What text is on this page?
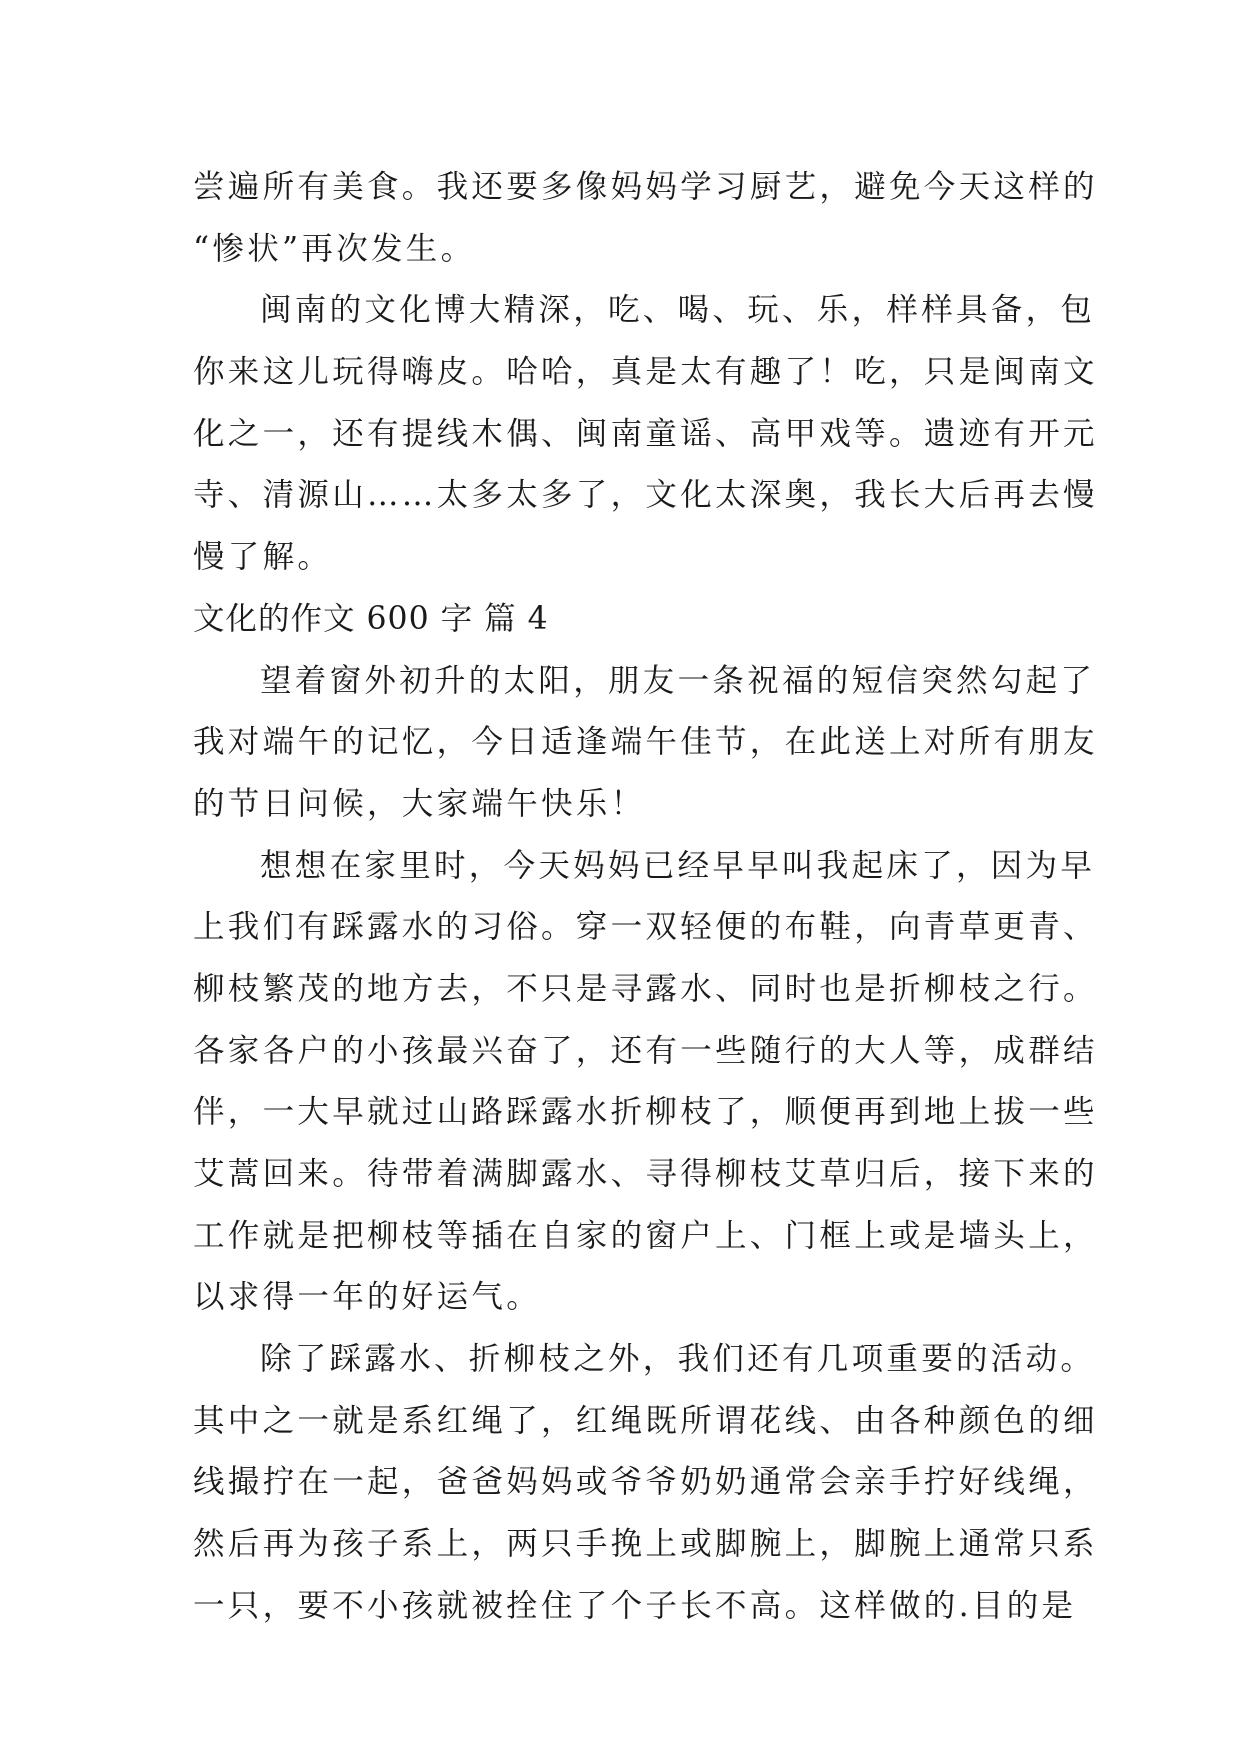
尝遍所有美食。我还要多像妈妈学习厨艺，避免今天这样的
“惨状”再次发生。
闽南的文化博大精深，吃、喝、玩、乐，样样具备，包
你来这儿玩得嗨皮。哈哈，真是太有趣了！吃，只是闽南文
化之一，还有提线木偶、闽南童谣、高甲戏等。遗迹有开元
寺、清源山……太多太多了，文化太深奥，我长大后再去慢
慢了解。
文化的作文 600 字 篇 4
望着窗外初升的太阳，朋友一条祝福的短信突然勾起了
我对端午的记忆，今日适逢端午佳节，在此送上对所有朋友
的节日问候，大家端午快乐！
想想在家里时，今天妈妈已经早早叫我起床了，因为早
上我们有踩露水的习俗。穿一双轻便的布鞋，向青草更青、
柳枝繁茂的地方去，不只是寻露水、同时也是折柳枝之行。
各家各户的小孩最兴奋了，还有一些随行的大人等，成群结
伴，一大早就过山路踩露水折柳枝了，顺便再到地上拔一些
艾蒿回来。待带着满脚露水、寻得柳枝艾草归后，接下来的
工作就是把柳枝等插在自家的窗户上、门框上或是墙头上，
以求得一年的好运气。
除了踩露水、折柳枝之外，我们还有几项重要的活动。
其中之一就是系红绳了，红绳既所谓花线、由各种颜色的细
线撮拧在一起，爸爸妈妈或爷爷奶奶通常会亲手拧好线绳，
然后再为孩子系上，两只手挽上或脚腕上，脚腕上通常只系
一只，要不小孩就被拴住了个子长不高。这样做的.目的是
